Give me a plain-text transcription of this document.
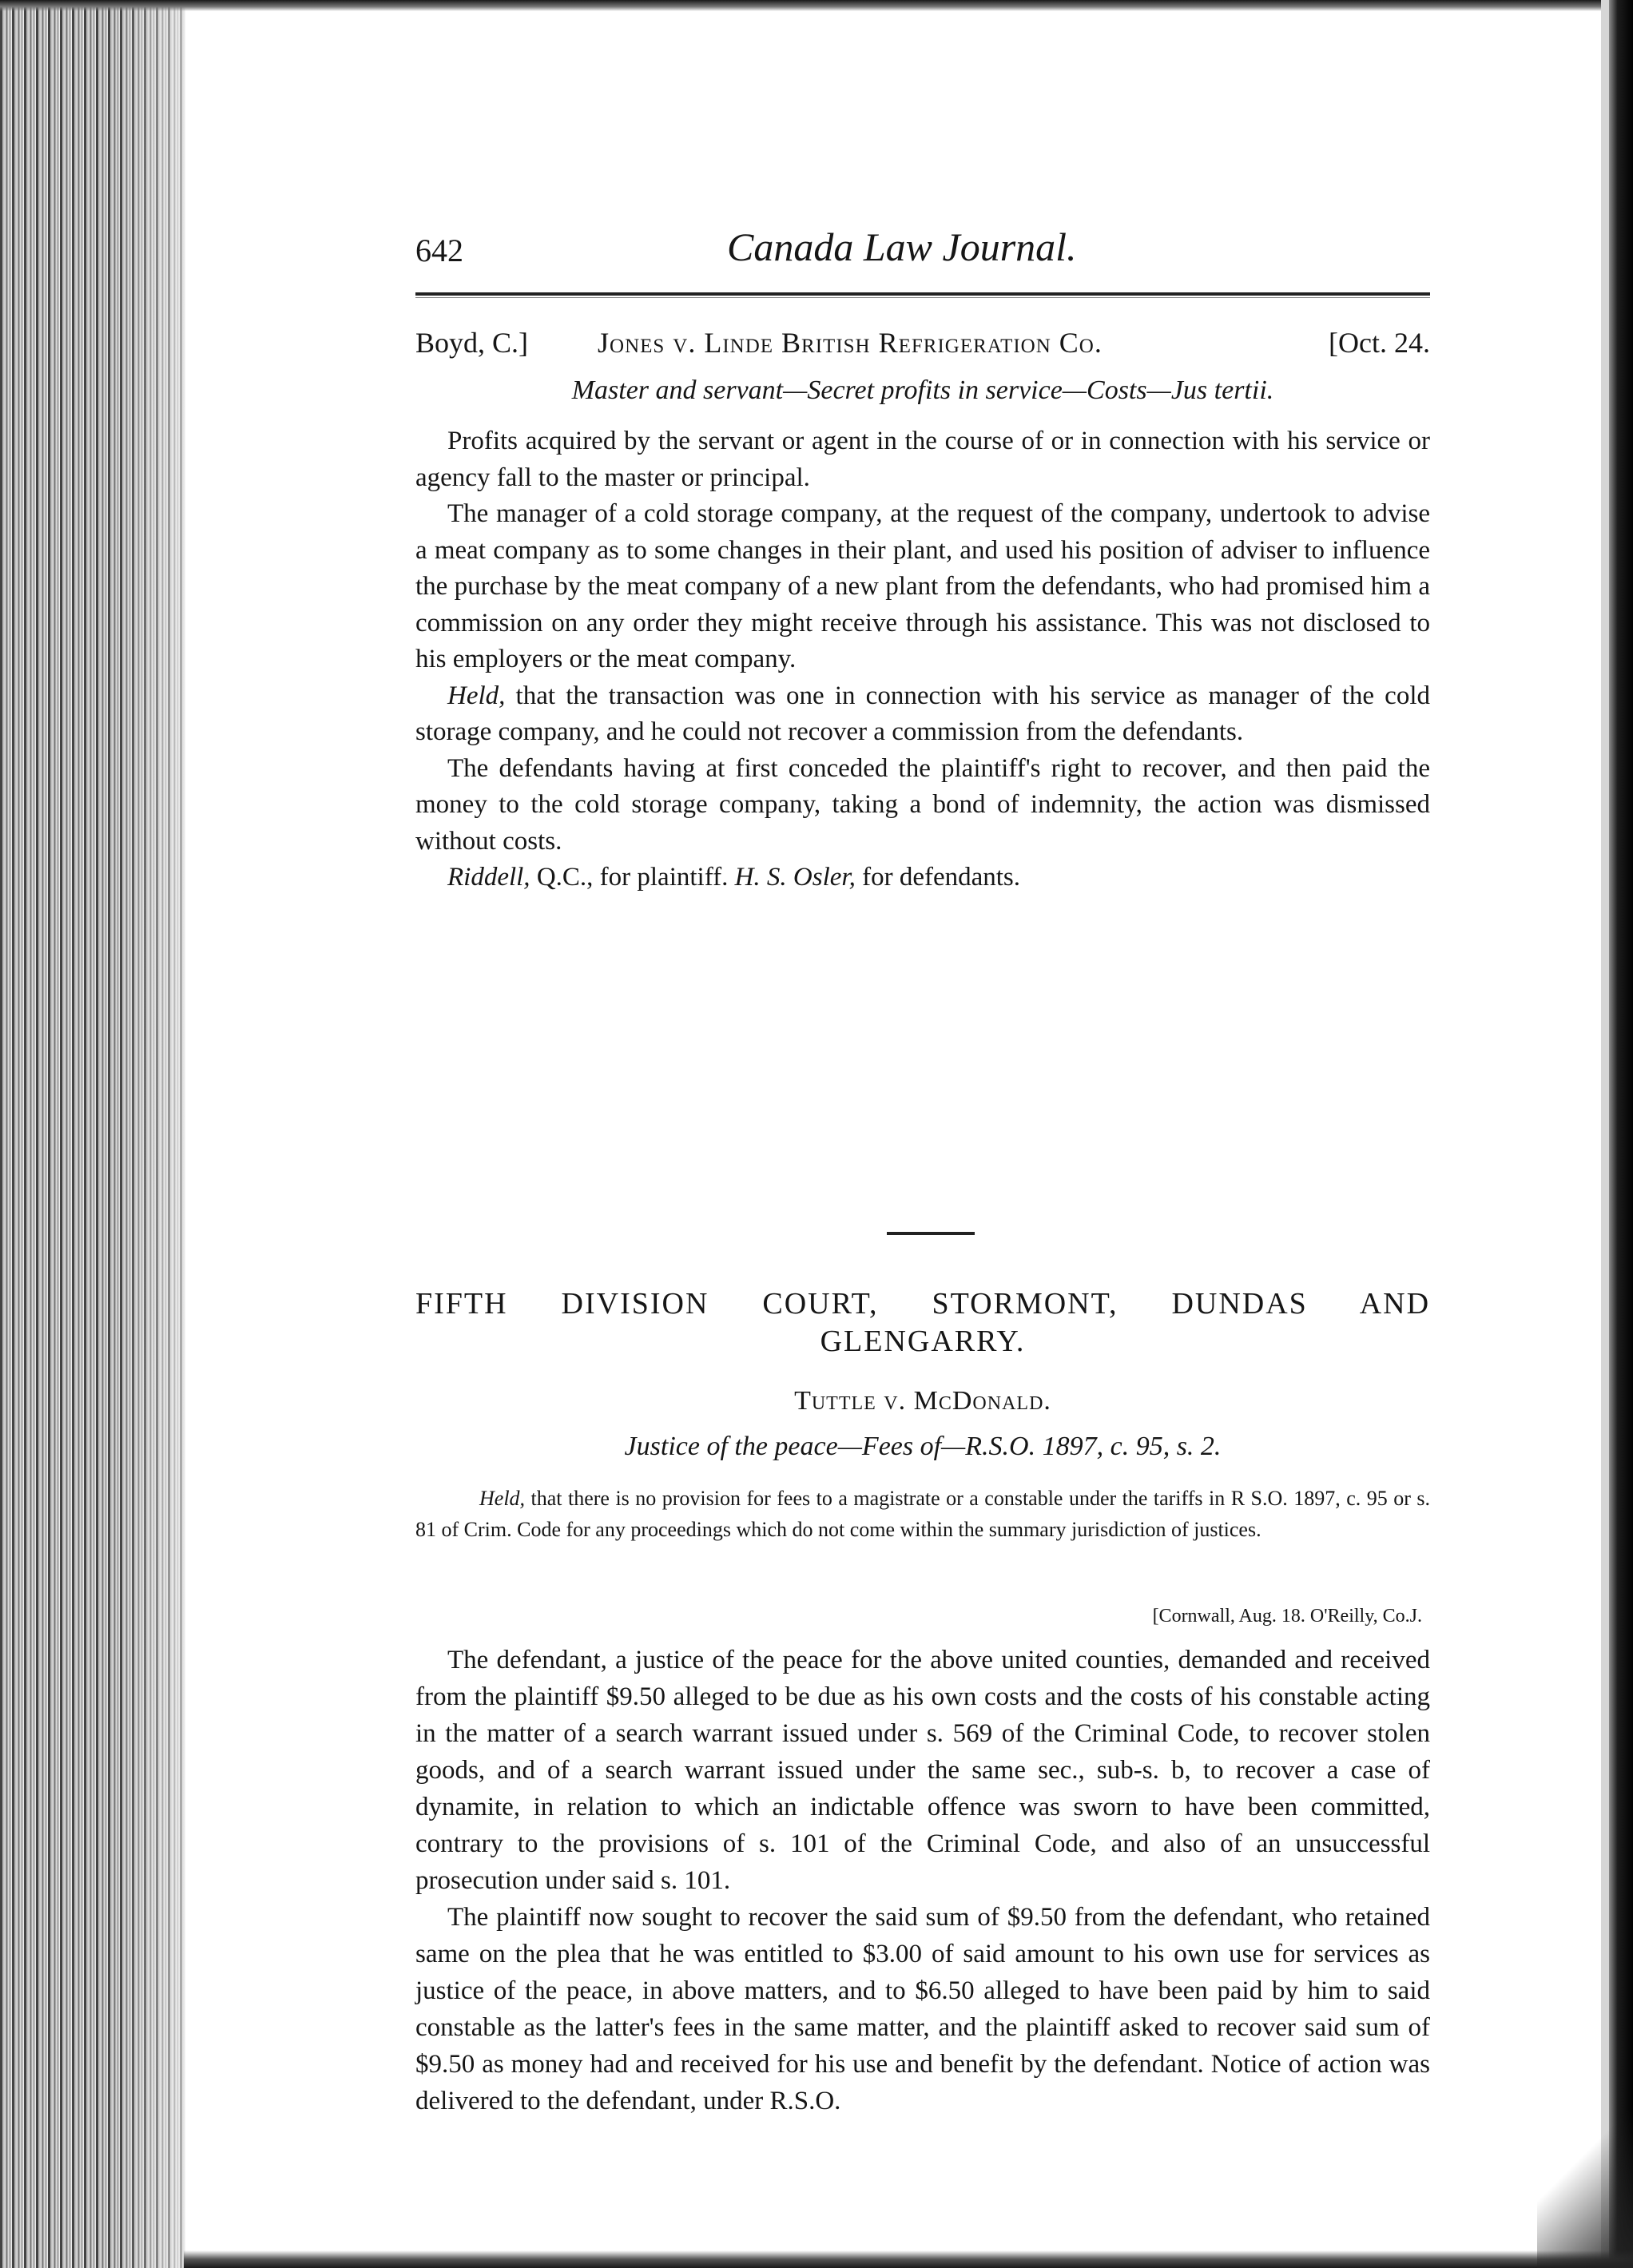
642	Canada Law Journal.
Boyd, C.] Jones v. Linde British Refrigeration Co.	[Oct. 24.
Master and servant—Secret profits in service—Costs—Jus tertii.

Profits acquired by the servant or agent in the course of or in connection with his service or agency fall to the master or principal.

The manager of a cold storage company, at the request of the company, undertook to advise a meat company as to some changes in their plant, and used his position of adviser to influence the purchase by the meat company of a new plant from the defendants, who had promised him a commission on any order they might receive through his assistance. This was not disclosed to his employers or the meat company.

Held, that the transaction was one in connection with his service as manager of the cold storage company, and he could not recover a commission from the defendants.

The defendants having at first conceded the plaintiff's right to recover, and then paid the money to the cold storage company, taking a bond of indemnity, the action was dismissed without costs.

Riddell, Q.C., for plaintiff. H. S. Osler, for defendants.

FIFTH DIVISION COURT, STORMONT, DUNDAS AND
GLENGARRY.
Tuttle v. McDonald.
Justice of the peace—Fees of—R.S.O. 1897, c. 95, s. 2.

Held, that there is no provision for fees to a magistrate or a constable under the tariffs in R S.O. 1897, c. 95 or s. 81 of Crim. Code for any proceedings which do not come within the summary jurisdiction of justices.

[Cornwall, Aug. 18. O'Reilly, Co.J.

The defendant, a justice of the peace for the above united counties, demanded and received from the plaintiff $9.50 alleged to be due as his own costs and the costs of his constable acting in the matter of a search warrant issued under s. 569 of the Criminal Code, to recover stolen goods, and of a search warrant issued under the same sec., sub-s. b, to recover a case of dynamite, in relation to which an indictable offence was sworn to have been committed, contrary to the provisions of s. 101 of the Criminal Code, and also of an unsuccessful prosecution under said s. 101.

The plaintiff now sought to recover the said sum of $9.50 from the defendant, who retained same on the plea that he was entitled to $3.00 of said amount to his own use for services as justice of the peace, in above matters, and to $6.50 alleged to have been paid by him to said constable as the latter's fees in the same matter, and the plaintiff asked to recover said sum of $9.50 as money had and received for his use and benefit by the defendant. Notice of action was delivered to the defendant, under R.S.O.
